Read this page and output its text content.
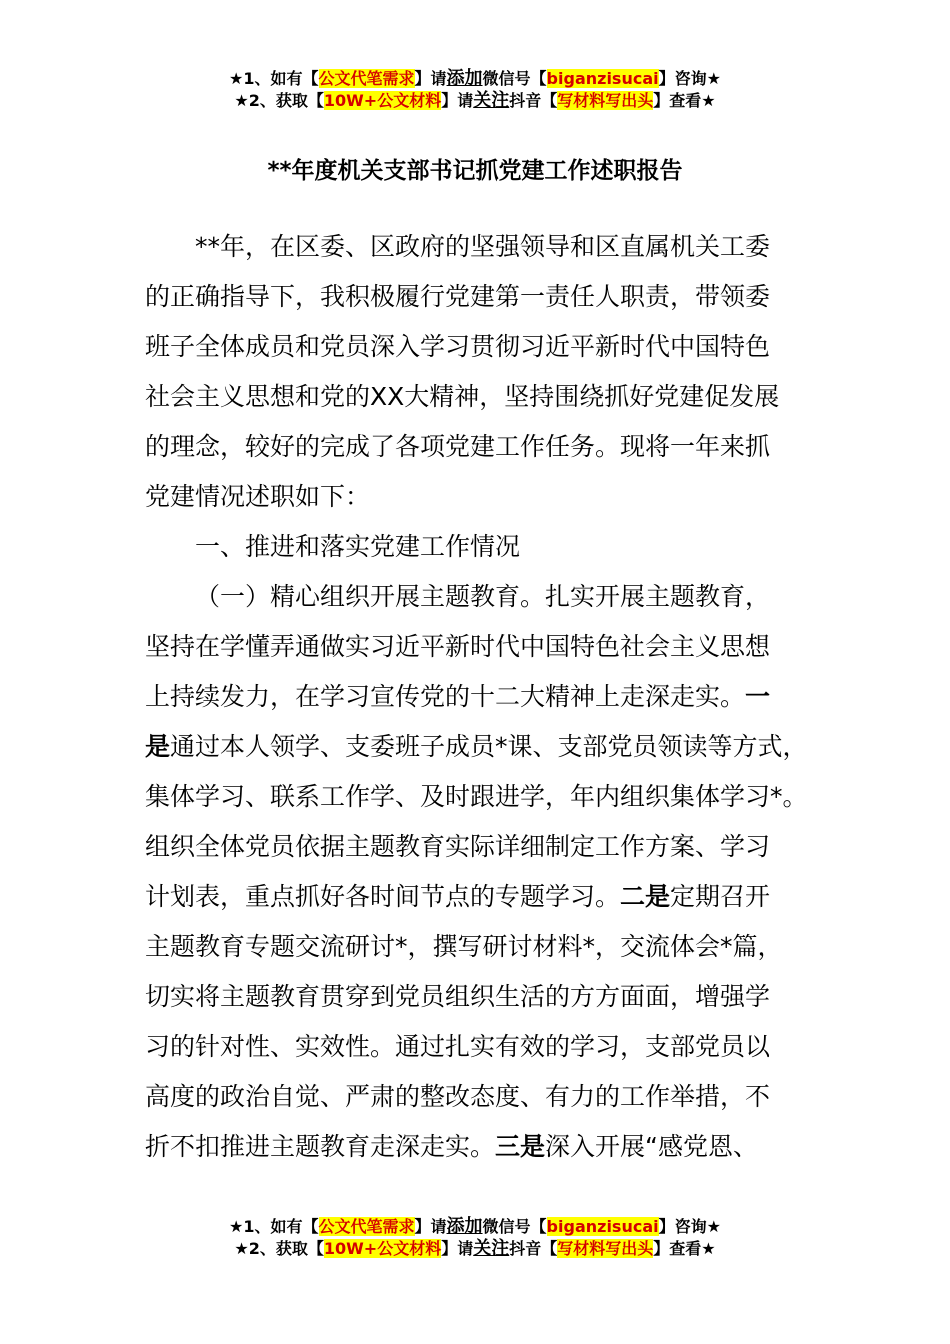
★1、如有【公文代笔需求】请添加微信号【biganzisucai】咨询★
★2、获取【10W+公文材料】请关注抖音【写材料写出头】查看★
**年度机关支部书记抓党建工作述职报告
**年，在区委、区政府的坚强领导和区直属机关工委
的正确指导下，我积极履行党建第一责任人职责，带领委
班子全体成员和党员深入学习贯彻习近平新时代中国特色
社会主义思想和党的XX大精神，坚持围绕抓好党建促发展
的理念，较好的完成了各项党建工作任务。现将一年来抓
党建情况述职如下：
一、推进和落实党建工作情况
（一）精心组织开展主题教育。扎实开展主题教育，
坚持在学懂弄通做实习近平新时代中国特色社会主义思想
上持续发力，在学习宣传党的十二大精神上走深走实。一
是通过本人领学、支委班子成员*课、支部党员领读等方式，
集体学习、联系工作学、及时跟进学，年内组织集体学习*。
组织全体党员依据主题教育实际详细制定工作方案、学习
计划表，重点抓好各时间节点的专题学习。二是定期召开
主题教育专题交流研讨*，撰写研讨材料*，交流体会*篇，
切实将主题教育贯穿到党员组织生活的方方面面，增强学
习的针对性、实效性。通过扎实有效的学习，支部党员以
高度的政治自觉、严肃的整改态度、有力的工作举措，不
折不扣推进主题教育走深走实。三是深入开展“感党恩、
★1、如有【公文代笔需求】请添加微信号【biganzisucai】咨询★
★2、获取【10W+公文材料】请关注抖音【写材料写出头】查看★
